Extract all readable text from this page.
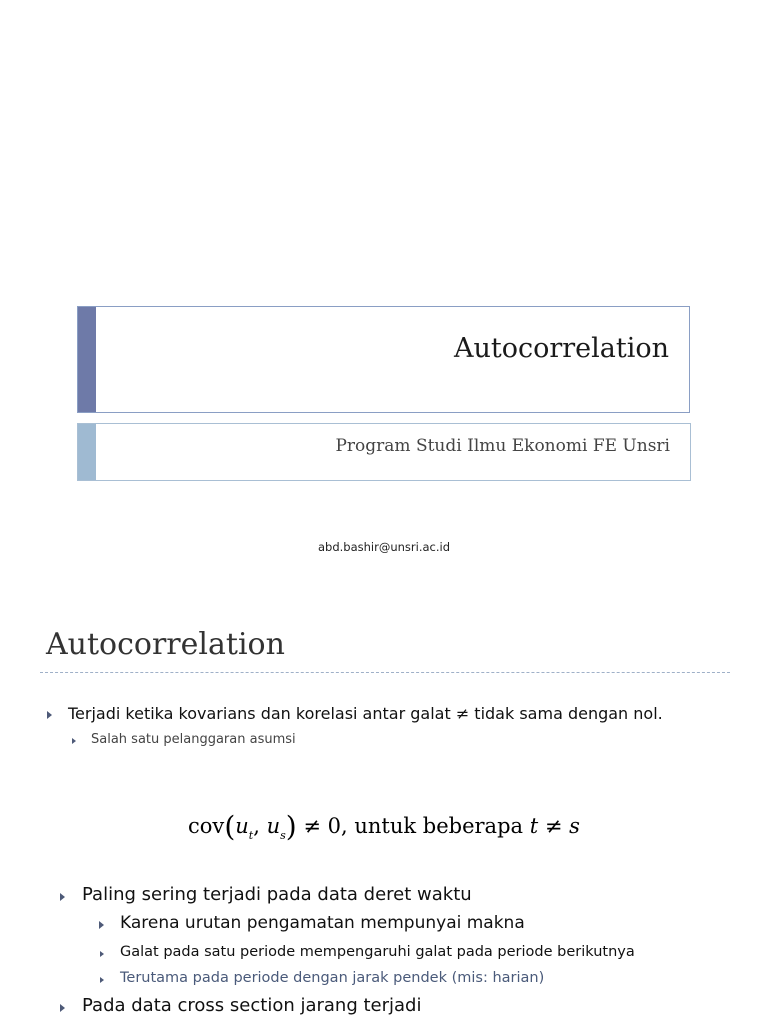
Autocorrelation
Program Studi Ilmu Ekonomi FE Unsri
abd.bashir@unsri.ac.id
Autocorrelation
Terjadi ketika kovarians dan korelasi antar galat ≠ tidak sama dengan nol.
Salah satu pelanggaran asumsi
$cov(u_t$, $u_s) \ne 0$, untuk beberapa t ≠ s
Paling sering terjadi pada data deret waktu
Karena urutan pengamatan mempunyai makna
Galat pada satu periode mempengaruhi galat pada periode berikutnya
Terutama pada periode dengan jarak pendek (mis: harian)
Pada data cross section jarang terjadi
